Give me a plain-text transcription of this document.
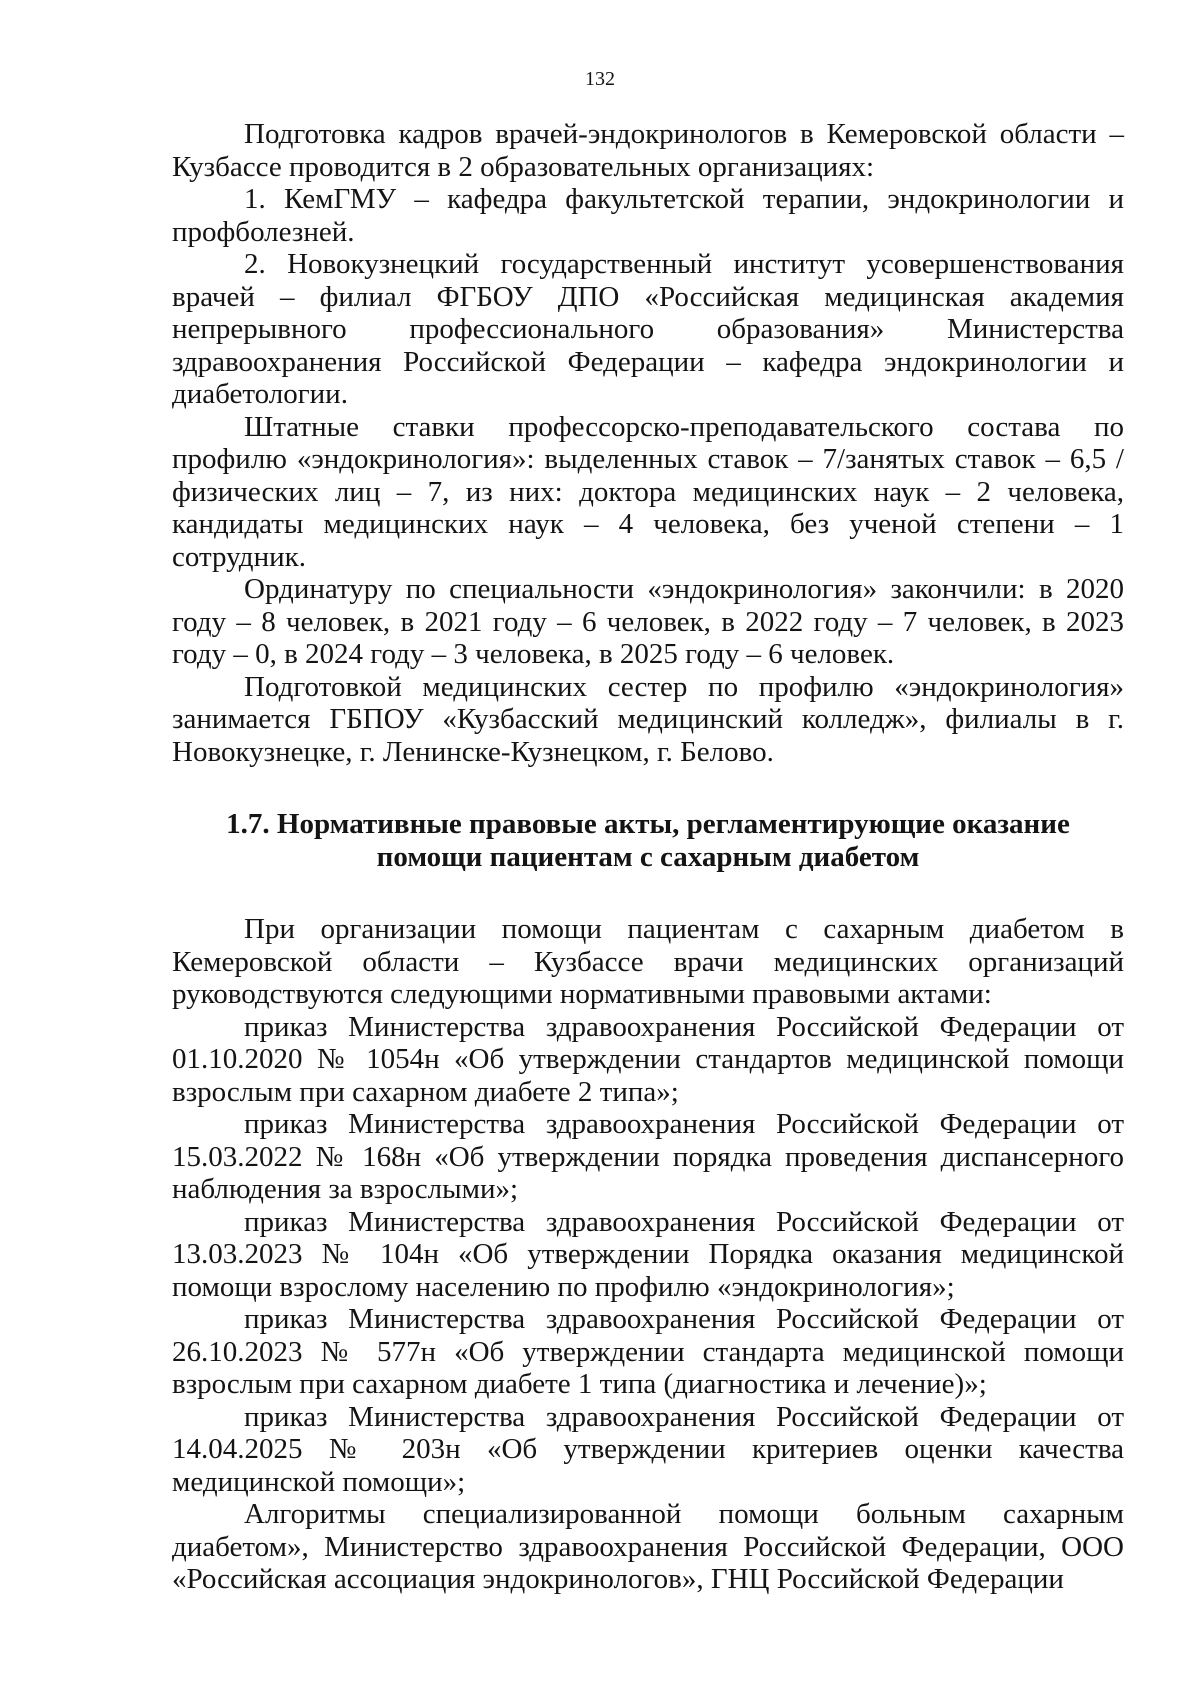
132

Подготовка кадров врачей-эндокринологов в Кемеровской области – Кузбассе проводится в 2 образовательных организациях:

1. КемГМУ – кафедра факультетской терапии, эндокринологии и профболезней.

2. Новокузнецкий государственный институт усовершенствования врачей – филиал ФГБОУ ДПО «Российская медицинская академия непрерывного профессионального образования» Министерства здравоохранения Российской Федерации – кафедра эндокринологии и диабетологии.

Штатные ставки профессорско-преподавательского состава по профилю «эндокринология»: выделенных ставок – 7/занятых ставок – 6,5 /физических лиц – 7, из них: доктора медицинских наук – 2 человека, кандидаты медицинских наук – 4 человека, без ученой степени – 1 сотрудник.

Ординатуру по специальности «эндокринология» закончили: в 2020 году – 8 человек, в 2021 году – 6 человек, в 2022 году – 7 человек, в 2023 году – 0, в 2024 году – 3 человека, в 2025 году – 6 человек.

Подготовкой медицинских сестер по профилю «эндокринология» занимается ГБПОУ «Кузбасский медицинский колледж», филиалы в г. Новокузнецке, г. Ленинске-Кузнецком, г. Белово.

1.7. Нормативные правовые акты, регламентирующие оказание помощи пациентам с сахарным диабетом

При организации помощи пациентам с сахарным диабетом в Кемеровской области – Кузбассе врачи медицинских организаций руководствуются следующими нормативными правовыми актами:

приказ Министерства здравоохранения Российской Федерации от 01.10.2020 № 1054н «Об утверждении стандартов медицинской помощи взрослым при сахарном диабете 2 типа»;

приказ Министерства здравоохранения Российской Федерации от 15.03.2022 № 168н «Об утверждении порядка проведения диспансерного наблюдения за взрослыми»;

приказ Министерства здравоохранения Российской Федерации от 13.03.2023 № 104н «Об утверждении Порядка оказания медицинской помощи взрослому населению по профилю «эндокринология»;

приказ Министерства здравоохранения Российской Федерации от 26.10.2023 № 577н «Об утверждении стандарта медицинской помощи взрослым при сахарном диабете 1 типа (диагностика и лечение)»;

приказ Министерства здравоохранения Российской Федерации от 14.04.2025 № 203н «Об утверждении критериев оценки качества медицинской помощи»;

Алгоритмы специализированной помощи больным сахарным диабетом», Министерство здравоохранения Российской Федерации, ООО «Российская ассоциация эндокринологов», ГНЦ Российской Федерации
